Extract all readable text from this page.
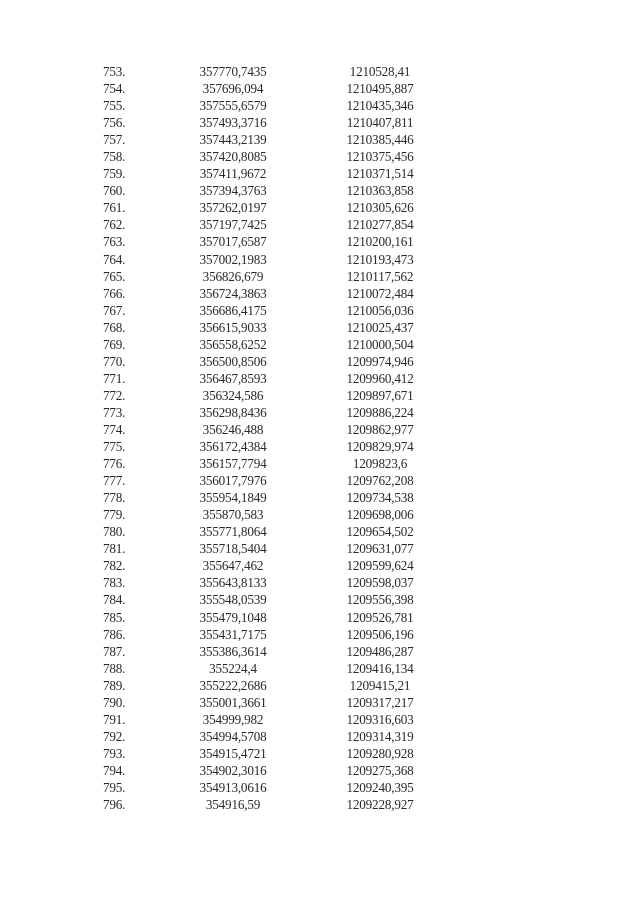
753.	357770,7435	1210528,41
754.	357696,094	1210495,887
755.	357555,6579	1210435,346
756.	357493,3716	1210407,811
757.	357443,2139	1210385,446
758.	357420,8085	1210375,456
759.	357411,9672	1210371,514
760.	357394,3763	1210363,858
761.	357262,0197	1210305,626
762.	357197,7425	1210277,854
763.	357017,6587	1210200,161
764.	357002,1983	1210193,473
765.	356826,679	1210117,562
766.	356724,3863	1210072,484
767.	356686,4175	1210056,036
768.	356615,9033	1210025,437
769.	356558,6252	1210000,504
770.	356500,8506	1209974,946
771.	356467,8593	1209960,412
772.	356324,586	1209897,671
773.	356298,8436	1209886,224
774.	356246,488	1209862,977
775.	356172,4384	1209829,974
776.	356157,7794	1209823,6
777.	356017,7976	1209762,208
778.	355954,1849	1209734,538
779.	355870,583	1209698,006
780.	355771,8064	1209654,502
781.	355718,5404	1209631,077
782.	355647,462	1209599,624
783.	355643,8133	1209598,037
784.	355548,0539	1209556,398
785.	355479,1048	1209526,781
786.	355431,7175	1209506,196
787.	355386,3614	1209486,287
788.	355224,4	1209416,134
789.	355222,2686	1209415,21
790.	355001,3661	1209317,217
791.	354999,982	1209316,603
792.	354994,5708	1209314,319
793.	354915,4721	1209280,928
794.	354902,3016	1209275,368
795.	354913,0616	1209240,395
796.	354916,59	1209228,927
